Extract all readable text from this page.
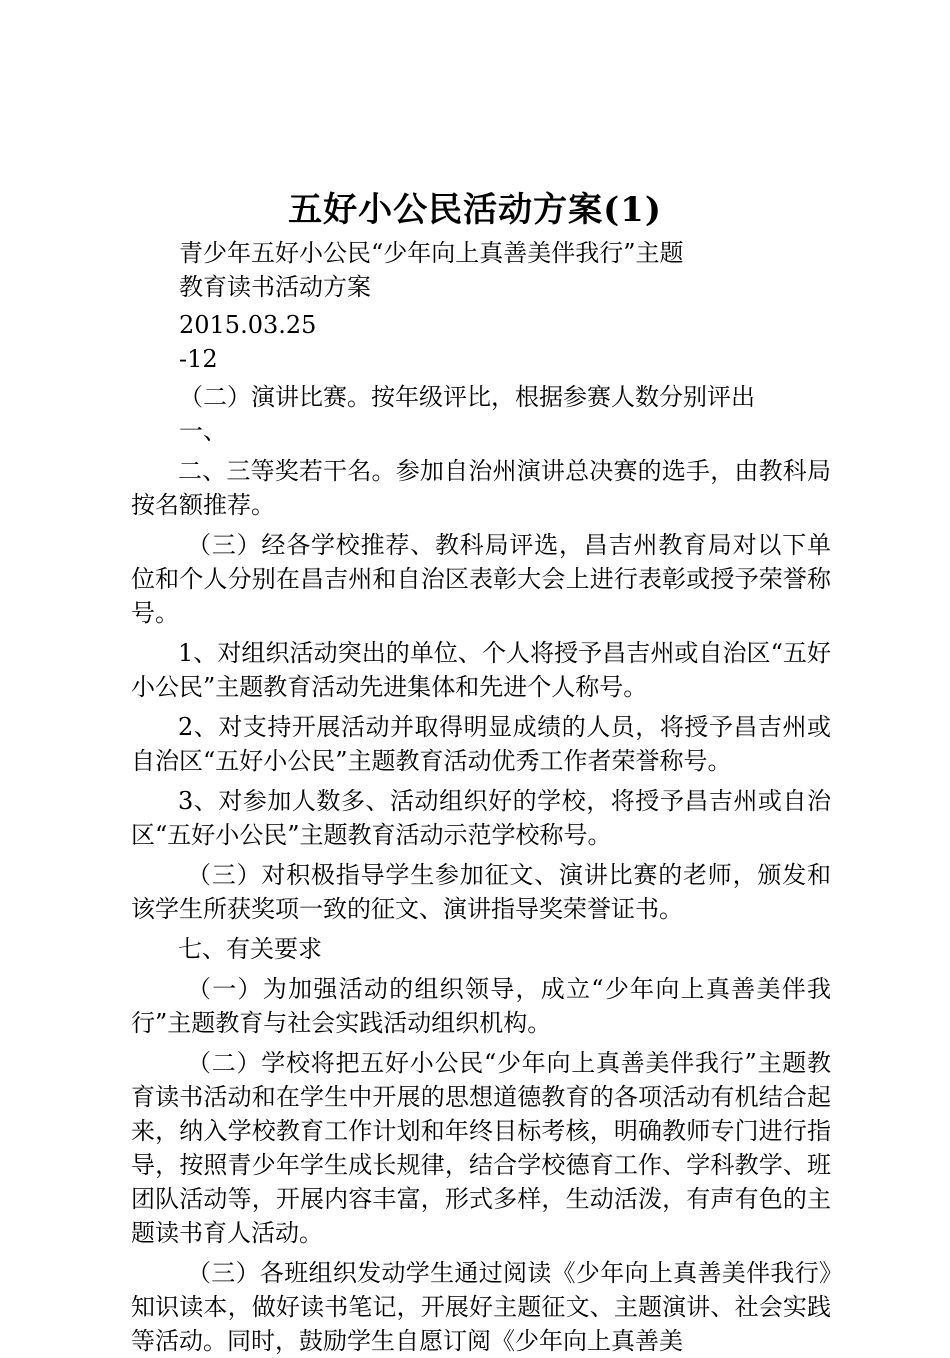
五好小公民活动方案(1)

青少年五好小公民“少年向上真善美伴我行”主题

教育读书活动方案

2015.03.25

-12

（二）演讲比赛。按年级评比，根据参赛人数分别评出

一、

二、三等奖若干名。参加自治州演讲总决赛的选手，由教科局按名额推荐。

（三）经各学校推荐、教科局评选，昌吉州教育局对以下单位和个人分别在昌吉州和自治区表彰大会上进行表彰或授予荣誉称号。

1、对组织活动突出的单位、个人将授予昌吉州或自治区“五好小公民”主题教育活动先进集体和先进个人称号。

2、对支持开展活动并取得明显成绩的人员，将授予昌吉州或自治区“五好小公民”主题教育活动优秀工作者荣誉称号。

3、对参加人数多、活动组织好的学校，将授予昌吉州或自治区“五好小公民”主题教育活动示范学校称号。

（三）对积极指导学生参加征文、演讲比赛的老师，颁发和该学生所获奖项一致的征文、演讲指导奖荣誉证书。

七、有关要求

（一）为加强活动的组织领导，成立“少年向上真善美伴我行”主题教育与社会实践活动组织机构。

（二）学校将把五好小公民“少年向上真善美伴我行”主题教育读书活动和在学生中开展的思想道德教育的各项活动有机结合起来，纳入学校教育工作计划和年终目标考核，明确教师专门进行指导，按照青少年学生成长规律，结合学校德育工作、学科教学、班团队活动等，开展内容丰富，形式多样，生动活泼，有声有色的主题读书育人活动。

（三）各班组织发动学生通过阅读《少年向上真善美伴我行》知识读本，做好读书笔记，开展好主题征文、主题演讲、社会实践等活动。同时，鼓励学生自愿订阅《少年向上真善美
